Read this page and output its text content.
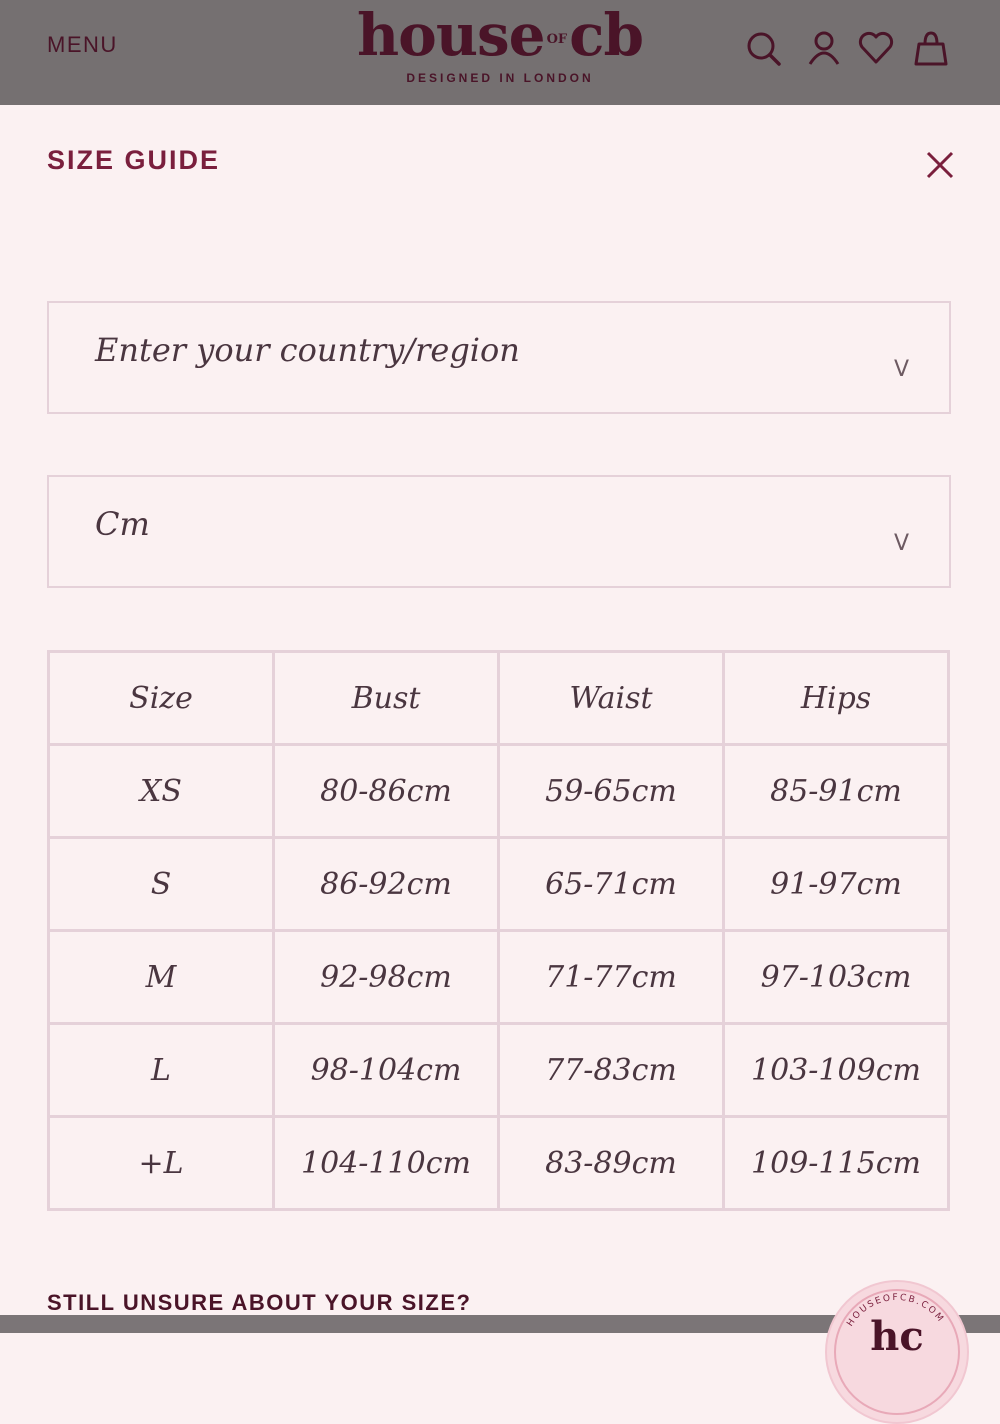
MENU	house OFcb
DESIGNED IN LONDON
SIZE GUIDE
Enter your country/region
V
Cm
V
Size	Bust	Waist	Hips
XS	80-86cm	59-65cm	85-91cm
S	86-92cm	65-71cm	91-97cm
M	92-98cm	71-77cm	97-103cm
L	98-104cm	77-83cm	103-109cm
+L	104-110cm	83-89cm	109-115cm
STILL UNSURE ABOUT YOUR SIZE?
HOUSEOFCB.COM
hc
